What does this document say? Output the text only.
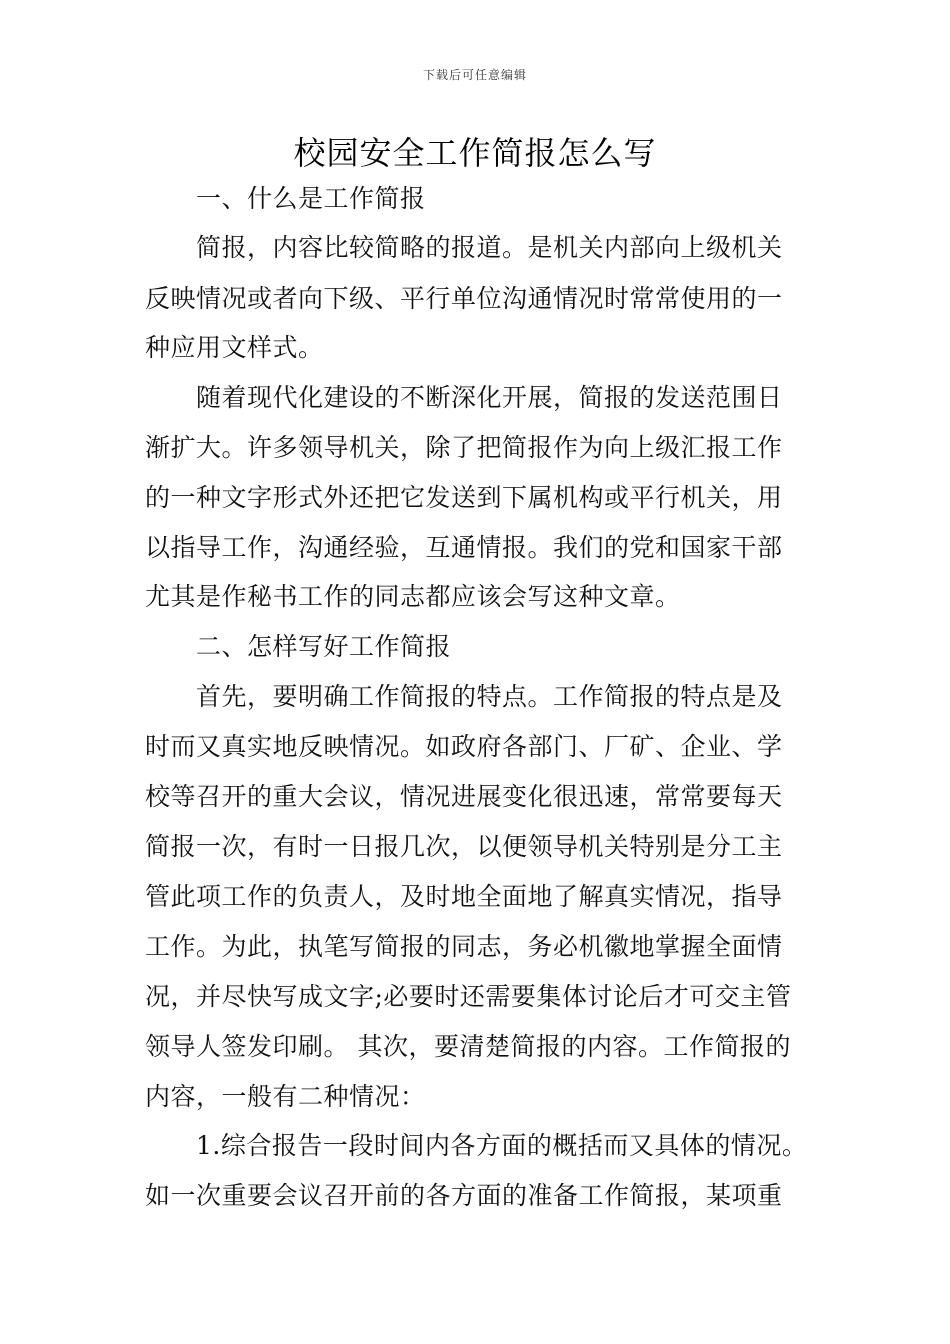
下载后可任意编辑
校园安全工作简报怎么写
一、什么是工作简报
简报，内容比较简略的报道。是机关内部向上级机关
反映情况或者向下级、平行单位沟通情况时常常使用的一
种应用文样式。
随着现代化建设的不断深化开展，简报的发送范围日
渐扩大。许多领导机关，除了把简报作为向上级汇报工作
的一种文字形式外还把它发送到下属机构或平行机关，用
以指导工作，沟通经验，互通情报。我们的党和国家干部
尤其是作秘书工作的同志都应该会写这种文章。
二、怎样写好工作简报
首先，要明确工作简报的特点。工作简报的特点是及
时而又真实地反映情况。如政府各部门、厂矿、企业、学
校等召开的重大会议，情况进展变化很迅速，常常要每天
简报一次，有时一日报几次，以便领导机关特别是分工主
管此项工作的负责人，及时地全面地了解真实情况，指导
工作。为此，执笔写简报的同志，务必机徽地掌握全面情
况，并尽快写成文字;必要时还需要集体讨论后才可交主管
领导人签发印刷。 其次，要清楚简报的内容。工作简报的
内容，一般有二种情况：
1.综合报告一段时间内各方面的概括而又具体的情况。
如一次重要会议召开前的各方面的准备工作简报，某项重
